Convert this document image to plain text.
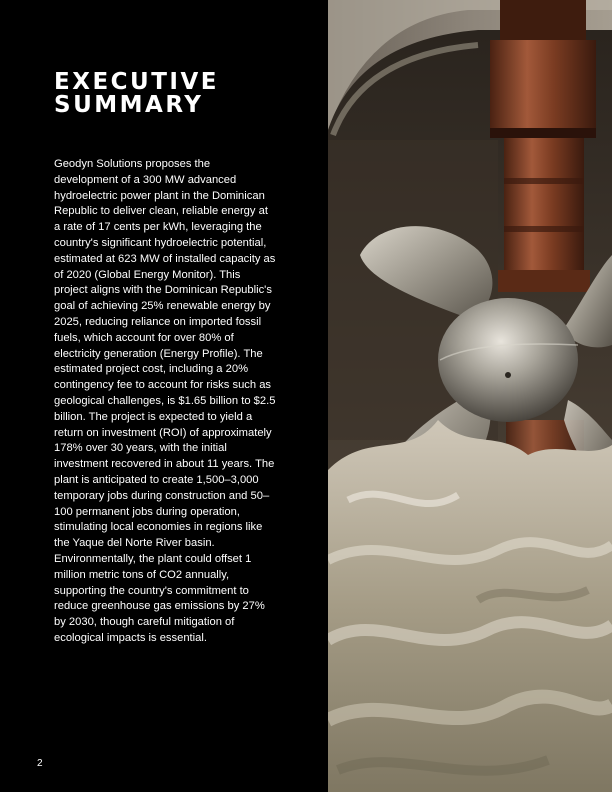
EXECUTIVE
SUMMARY

Geodyn Solutions proposes the development of a 300 MW advanced hydroelectric power plant in the Dominican Republic to deliver clean, reliable energy at a rate of 17 cents per kWh, leveraging the country's significant hydroelectric potential, estimated at 623 MW of installed capacity as of 2020 (Global Energy Monitor). This project aligns with the Dominican Republic's goal of achieving 25% renewable energy by 2025, reducing reliance on imported fossil fuels, which account for over 80% of electricity generation (Energy Profile). The estimated project cost, including a 20% contingency fee to account for risks such as geological challenges, is $1.65 billion to $2.5 billion. The project is expected to yield a return on investment (ROI) of approximately 178% over 30 years, with the initial investment recovered in about 11 years. The plant is anticipated to create 1,500–3,000 temporary jobs during construction and 50–100 permanent jobs during operation, stimulating local economies in regions like the Yaque del Norte River basin. Environmentally, the plant could offset 1 million metric tons of CO2 annually, supporting the country's commitment to reduce greenhouse gas emissions by 27% by 2030, though careful mitigation of ecological impacts is essential.

2
